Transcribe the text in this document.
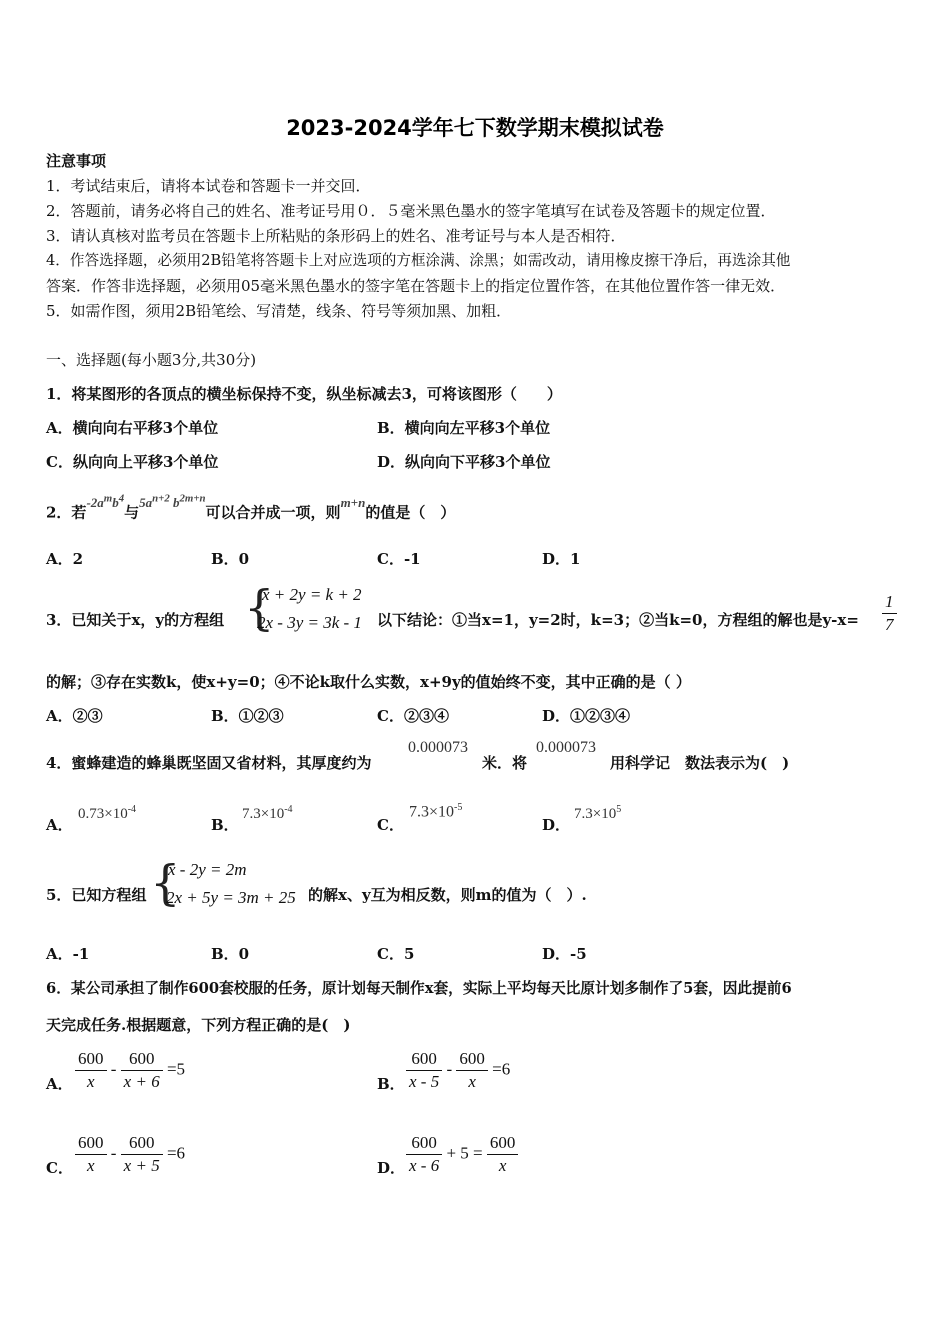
2023-2024学年七下数学期末模拟试卷
注意事项
1．考试结束后，请将本试卷和答题卡一并交回．
2．答题前，请务必将自己的姓名、准考证号用０．５毫米黑色墨水的签字笔填写在试卷及答题卡的规定位置．
3．请认真核对监考员在答题卡上所粘贴的条形码上的姓名、准考证号与本人是否相符．
4．作答选择题，必须用2B铅笔将答题卡上对应选项的方框涂满、涂黑；如需改动，请用橡皮擦干净后，再选涂其他
答案．作答非选择题，必须用05毫米黑色墨水的签字笔在答题卡上的指定位置作答，在其他位置作答一律无效．
5．如需作图，须用2B铅笔绘、写清楚，线条、符号等须加黑、加粗．
一、选择题(每小题3分,共30分)
1．将某图形的各顶点的横坐标保持不变，纵坐标减去3，可将该图形（　　）
A．横向向右平移3个单位	B．横向向左平移3个单位
C．纵向向上平移3个单位	D．纵向向下平移3个单位
2．若$-2a^mb^4$与$5a^{n+2}$ $b^{2m+n}$可以合并成一项，则m+n的值是（　）
A．2	B．0	C．-1	D．1
3．已知关于x，y的方程组 {
x + 2y = k + 2
2x - 3y = 3k - 1 以下结论：①当x=1，y=2时，k=3；②当k=0，方程组的解也是$y-x= \frac{1}{7}$
的解；③存在实数k，使x+y=0；④不论k取什么实数，x+9y的值始终不变，其中正确的是（ ）
A．②③	B．①②③	C．②③④	D．①②③④
4．蜜蜂建造的蜂巢既坚固又省材料，其厚度约为
0.000073
米．将
0.000073
用科学记　数法表示为(　)
A．
$0.73\times 10^{-4}$
B．
$7.3\times 10^{-4}$
C．
$7.3\times 10^{-5}$
D．
$7.3\times 10^5$
5．已知方程组 {
x - 2y = 2m
2x + 5y = 3m + 25 的解x、y互为相反数，则m的值为（　）.
A．-1	B．0	C．5	D．-5
6．某公司承担了制作600套校服的任务，原计划每天制作x套，实际上平均每天比原计划多制作了5套，因此提前6
天完成任务.根据题意，下列方程正确的是(　)
A． $\frac{600}{x} - \frac{600}{x + 6} =5$
B． $\frac{600}{x - 5} - \frac{600}{x} =6$
C． $\frac{600}{x} - \frac{600}{x + 5} =6$
D． $\frac{600}{x - 6} + 5 = \frac{600}{x}$
